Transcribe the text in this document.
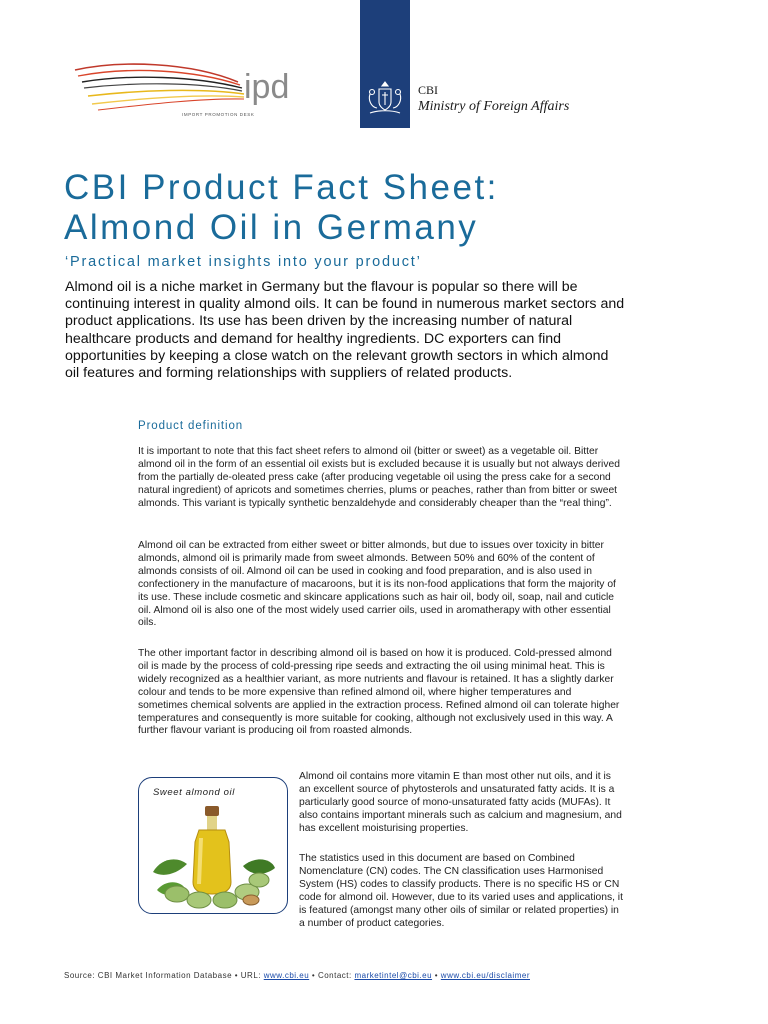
ipd
IMPORT PROMOTION DESK
CBI
Ministry of Foreign Affairs
CBI Product Fact Sheet:
Almond Oil in Germany

‘Practical market insights into your product’

Almond oil is a niche market in Germany but the flavour is popular so there will be continuing interest in quality almond oils. It can be found in numerous market sectors and product applications. Its use has been driven by the increasing number of natural healthcare products and demand for healthy ingredients. DC exporters can find opportunities by keeping a close watch on the relevant growth sectors in which almond oil features and forming relationships with suppliers of related products.

Product definition

It is important to note that this fact sheet refers to almond oil (bitter or sweet) as a vegetable oil. Bitter almond oil in the form of an essential oil exists but is excluded because it is usually but not always derived from the partially de-oleated press cake (after producing vegetable oil using the press cake for a second natural ingredient) of apricots and sometimes cherries, plums or peaches, rather than from bitter or sweet almonds. This variant is typically synthetic benzaldehyde and considerably cheaper than the “real thing”.

Almond oil can be extracted from either sweet or bitter almonds, but due to issues over toxicity in bitter almonds, almond oil is primarily made from sweet almonds. Between 50% and 60% of the content of almonds consists of oil. Almond oil can be used in cooking and food preparation, and is also used in confectionery in the manufacture of macaroons, but it is its non-food applications that form the majority of its use. These include cosmetic and skincare applications such as hair oil, body oil, soap, nail and cuticle oil. Almond oil is also one of the most widely used carrier oils, used in aromatherapy with other essential oils.

The other important factor in describing almond oil is based on how it is produced. Cold-pressed almond oil is made by the process of cold-pressing ripe seeds and extracting the oil using minimal heat. This is widely recognized as a healthier variant, as more nutrients and flavour is retained. It has a slightly darker colour and tends to be more expensive than refined almond oil, where higher temperatures and sometimes chemical solvents are applied in the extraction process. Refined almond oil can tolerate higher temperatures and consequently is more suitable for cooking, although not exclusively used in this way. A further flavour variant is producing oil from roasted almonds.

Sweet almond oil

Almond oil contains more vitamin E than most other nut oils, and it is an excellent source of phytosterols and unsaturated fatty acids. It is a particularly good source of mono-unsaturated fatty acids (MUFAs). It also contains important minerals such as calcium and magnesium, and has excellent moisturising properties.

The statistics used in this document are based on Combined Nomenclature (CN) codes. The CN classification uses Harmonised System (HS) codes to classify products. There is no specific HS or CN code for almond oil. However, due to its varied uses and applications, it is featured (amongst many other oils of similar or related properties) in a number of product categories.

Source: CBI Market Information Database • URL: www.cbi.eu • Contact: marketintel@cbi.eu • www.cbi.eu/disclaimer
